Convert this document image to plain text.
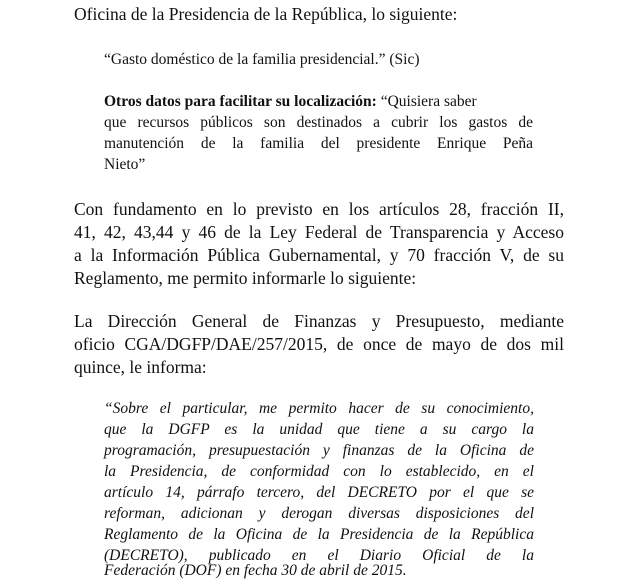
Oficina de la Presidencia de la República, lo siguiente:

“Gasto doméstico de la familia presidencial.” (Sic)

Otros datos para facilitar su localización: “Quisiera saber

que recursos públicos son destinados a cubrir los gastos de

manutención de la familia del presidente Enrique Peña

Nieto”

Con fundamento en lo previsto en los artículos 28, fracción II,

41, 42, 43,44 y 46 de la Ley Federal de Transparencia y Acceso

a la Información Pública Gubernamental, y 70 fracción V, de su

Reglamento, me permito informarle lo siguiente:

La Dirección General de Finanzas y Presupuesto, mediante

oficio CGA/DGFP/DAE/257/2015, de once de mayo de dos mil

quince, le informa:

“Sobre el particular, me permito hacer de su conocimiento,

que la DGFP es la unidad que tiene a su cargo la

programación, presupuestación y finanzas de la Oficina de

la Presidencia, de conformidad con lo establecido, en el

artículo 14, párrafo tercero, del DECRETO por el que se

reforman, adicionan y derogan diversas disposiciones del

Reglamento de la Oficina de la Presidencia de la República

(DECRETO), publicado en el Diario Oficial de la

Federación (DOF) en fecha 30 de abril de 2015.
